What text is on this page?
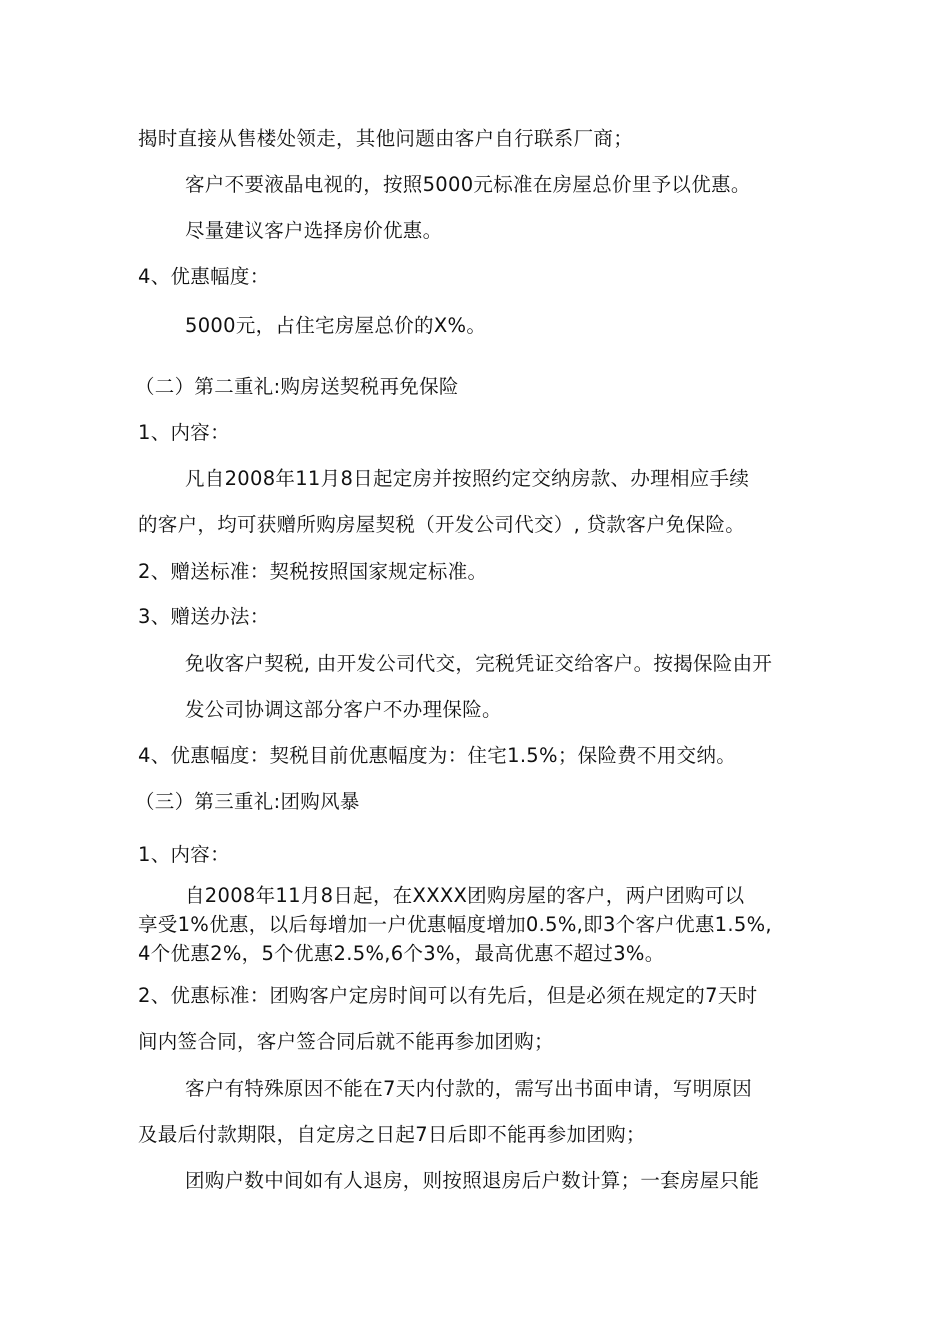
揭时直接从售楼处领走，其他问题由客户自行联系厂商；
客户不要液晶电视的，按照5000元标准在房屋总价里予以优惠。
尽量建议客户选择房价优惠。
4、优惠幅度：
5000元，占住宅房屋总价的X%。
（二）第二重礼:购房送契税再免保险
1、内容：
凡自2008年11月8日起定房并按照约定交纳房款、办理相应手续
的客户，均可获赠所购房屋契税（开发公司代交）, 贷款客户免保险。
2、赠送标准：契税按照国家规定标准。
3、赠送办法：
免收客户契税, 由开发公司代交，完税凭证交给客户。按揭保险由开
发公司协调这部分客户不办理保险。
4、优惠幅度：契税目前优惠幅度为：住宅1.5%；保险费不用交纳。
（三）第三重礼:团购风暴
1、内容：
自2008年11月8日起，在XXXX团购房屋的客户，两户团购可以
享受1%优惠，以后每增加一户优惠幅度增加0.5%,即3个客户优惠1.5%,
4个优惠2%，5个优惠2.5%,6个3%，最高优惠不超过3%。
2、优惠标准：团购客户定房时间可以有先后，但是必须在规定的7天时
间内签合同，客户签合同后就不能再参加团购；
客户有特殊原因不能在7天内付款的，需写出书面申请，写明原因
及最后付款期限，自定房之日起7日后即不能再参加团购；
团购户数中间如有人退房，则按照退房后户数计算；一套房屋只能
